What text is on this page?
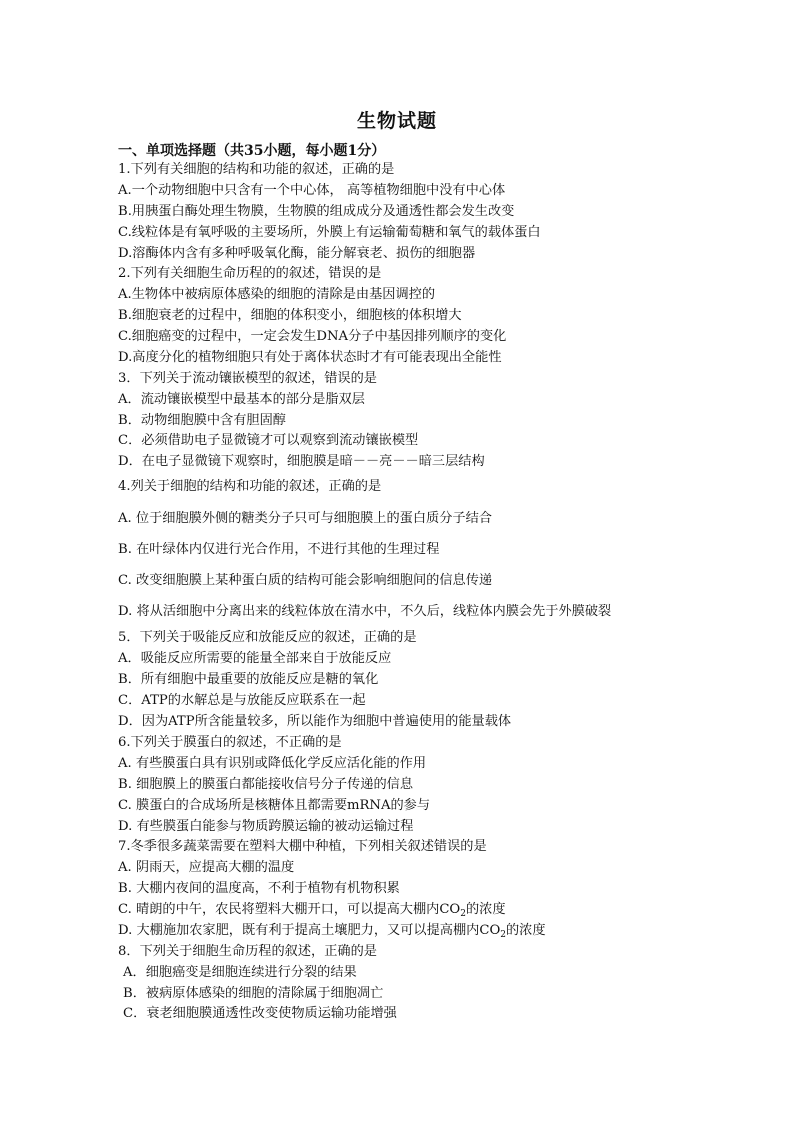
生物试题
一、单项选择题（共35小题，每小题1分）
1.下列有关细胞的结构和功能的叙述，正确的是
A.一个动物细胞中只含有一个中心体， 高等植物细胞中没有中心体
B.用胰蛋白酶处理生物膜，生物膜的组成成分及通透性都会发生改变
C.线粒体是有氧呼吸的主要场所，外膜上有运输葡萄糖和氧气的载体蛋白
D.溶酶体内含有多种呼吸氧化酶，能分解衰老、损伤的细胞器
2.下列有关细胞生命历程的的叙述，错误的是
A.生物体中被病原体感染的细胞的清除是由基因调控的
B.细胞衰老的过程中，细胞的体积变小，细胞核的体积增大
C.细胞癌变的过程中，一定会发生DNA分子中基因排列顺序的变化
D.高度分化的植物细胞只有处于离体状态时才有可能表现出全能性
3．下列关于流动镶嵌模型的叙述，错误的是
A．流动镶嵌模型中最基本的部分是脂双层
B．动物细胞膜中含有胆固醇
C．必须借助电子显微镜才可以观察到流动镶嵌模型
D．在电子显微镜下观察时，细胞膜是暗－－亮－－暗三层结构
4.列关于细胞的结构和功能的叙述，正确的是
A. 位于细胞膜外侧的糖类分子只可与细胞膜上的蛋白质分子结合
B. 在叶绿体内仅进行光合作用，不进行其他的生理过程
C. 改变细胞膜上某种蛋白质的结构可能会影响细胞间的信息传递
D. 将从活细胞中分离出来的线粒体放在清水中，不久后，线粒体内膜会先于外膜破裂
5．下列关于吸能反应和放能反应的叙述，正确的是
A．吸能反应所需要的能量全部来自于放能反应
B．所有细胞中最重要的放能反应是糖的氧化
C．ATP的水解总是与放能反应联系在一起
D．因为ATP所含能量较多，所以能作为细胞中普遍使用的能量载体
6.下列关于膜蛋白的叙述，不正确的是
A. 有些膜蛋白具有识别或降低化学反应活化能的作用
B. 细胞膜上的膜蛋白都能接收信号分子传递的信息
C. 膜蛋白的合成场所是核糖体且都需要mRNA的参与
D. 有些膜蛋白能参与物质跨膜运输的被动运输过程
7.冬季很多蔬菜需要在塑料大棚中种植，下列相关叙述错误的是
A. 阴雨天，应提高大棚的温度
B. 大棚内夜间的温度高，不利于植物有机物积累
C. 晴朗的中午，农民将塑料大棚开口，可以提高大棚内$CO_2$的浓度
D. 大棚施加农家肥，既有利于提高土壤肥力，又可以提高棚内$CO_2$的浓度
8．下列关于细胞生命历程的叙述，正确的是
A．细胞癌变是细胞连续进行分裂的结果
B．被病原体感染的细胞的清除属于细胞凋亡
C．衰老细胞膜通透性改变使物质运输功能增强
